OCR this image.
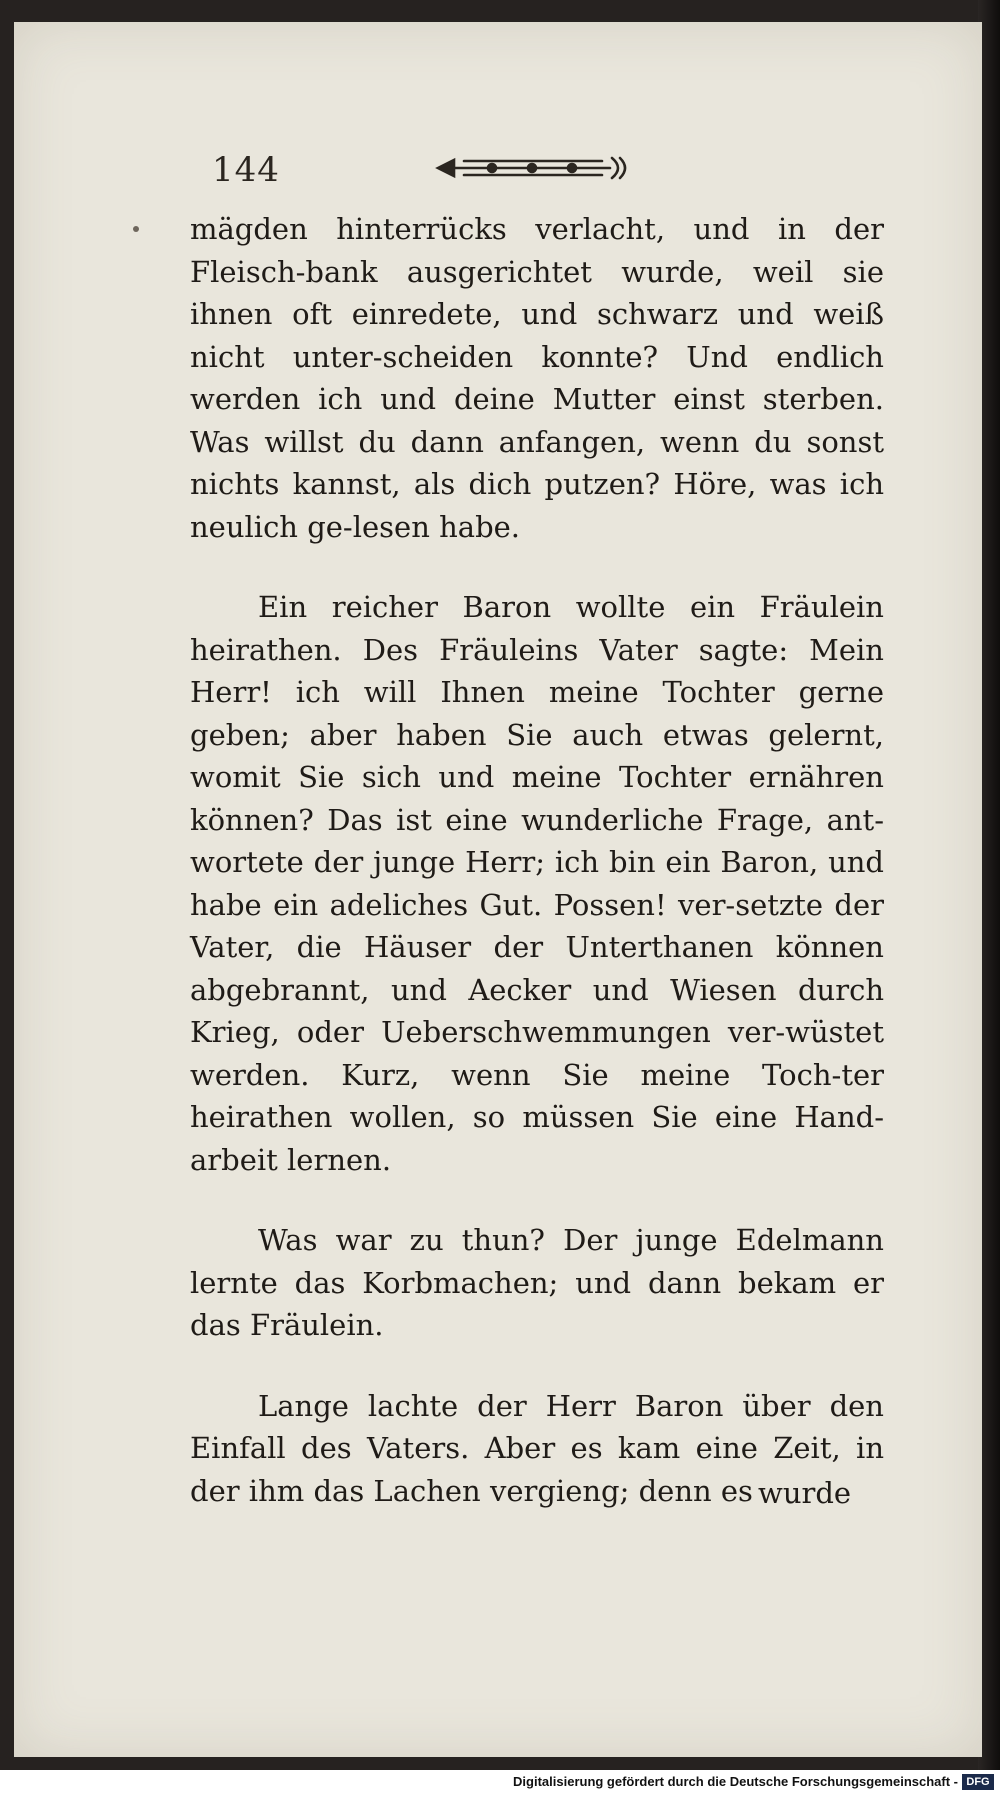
144

mägden hinterrücks verlacht, und in der Fleisch-bank ausgerichtet wurde, weil sie ihnen oft einredete, und schwarz und weiß nicht unter-scheiden konnte? Und endlich werden ich und deine Mutter einst sterben. Was willst du dann anfangen, wenn du sonst nichts kannst, als dich putzen? Höre, was ich neulich ge-lesen habe.

Ein reicher Baron wollte ein Fräulein heirathen. Des Fräuleins Vater sagte: Mein Herr! ich will Ihnen meine Tochter gerne geben; aber haben Sie auch etwas gelernt, womit Sie sich und meine Tochter ernähren können? Das ist eine wunderliche Frage, ant-wortete der junge Herr; ich bin ein Baron, und habe ein adeliches Gut. Possen! ver-setzte der Vater, die Häuser der Unterthanen können abgebrannt, und Aecker und Wiesen durch Krieg, oder Ueberschwemmungen ver-wüstet werden. Kurz, wenn Sie meine Toch-ter heirathen wollen, so müssen Sie eine Hand-arbeit lernen.

Was war zu thun? Der junge Edelmann lernte das Korbmachen; und dann bekam er das Fräulein.

Lange lachte der Herr Baron über den Einfall des Vaters. Aber es kam eine Zeit, in der ihm das Lachen vergieng; denn es wurde
Digitalisierung gefördert durch die Deutsche Forschungsgemeinschaft - DFG
